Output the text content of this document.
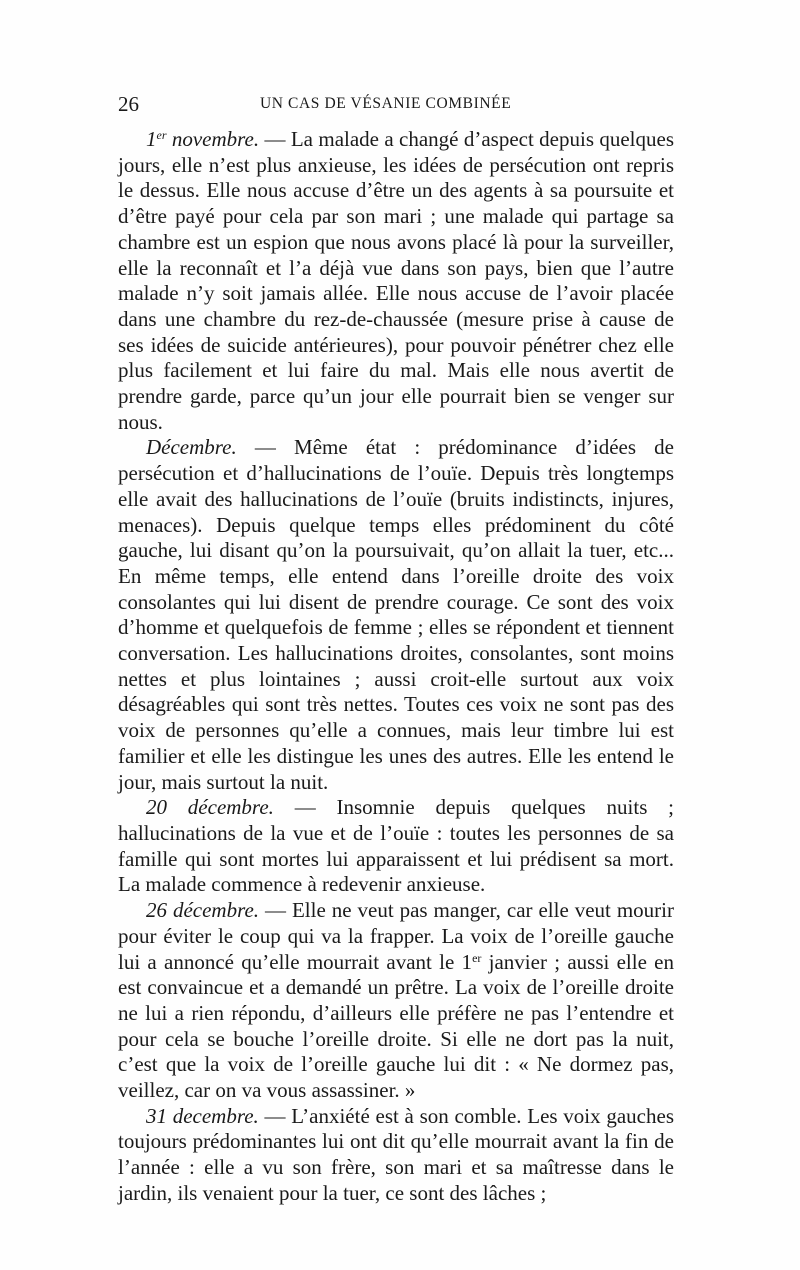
26	UN CAS DE VÉSANIE COMBINÉE

1er novembre. — La malade a changé d’aspect depuis quelques jours, elle n’est plus anxieuse, les idées de persécution ont repris le dessus. Elle nous accuse d’être un des agents à sa poursuite et d’être payé pour cela par son mari ; une malade qui partage sa chambre est un espion que nous avons placé là pour la surveiller, elle la reconnaît et l’a déjà vue dans son pays, bien que l’autre malade n’y soit jamais allée. Elle nous accuse de l’avoir placée dans une chambre du rez-de-chaussée (mesure prise à cause de ses idées de suicide antérieures), pour pouvoir pénétrer chez elle plus facilement et lui faire du mal. Mais elle nous avertit de prendre garde, parce qu’un jour elle pourrait bien se venger sur nous.

Décembre. — Même état : prédominance d’idées de persécution et d’hallucinations de l’ouïe. Depuis très longtemps elle avait des hallucinations de l’ouïe (bruits indistincts, injures, menaces). Depuis quelque temps elles prédominent du côté gauche, lui disant qu’on la poursuivait, qu’on allait la tuer, etc... En même temps, elle entend dans l’oreille droite des voix consolantes qui lui disent de prendre courage. Ce sont des voix d’homme et quelquefois de femme ; elles se répondent et tiennent conversation. Les hallucinations droites, consolantes, sont moins nettes et plus lointaines ; aussi croit-elle surtout aux voix désagréables qui sont très nettes. Toutes ces voix ne sont pas des voix de personnes qu’elle a connues, mais leur timbre lui est familier et elle les distingue les unes des autres. Elle les entend le jour, mais surtout la nuit.

20 décembre. — Insomnie depuis quelques nuits ; hallucinations de la vue et de l’ouïe : toutes les personnes de sa famille qui sont mortes lui apparaissent et lui prédisent sa mort. La malade commence à redevenir anxieuse.

26 décembre. — Elle ne veut pas manger, car elle veut mourir pour éviter le coup qui va la frapper. La voix de l’oreille gauche lui a annoncé qu’elle mourrait avant le 1er janvier ; aussi elle en est convaincue et a demandé un prêtre. La voix de l’oreille droite ne lui a rien répondu, d’ailleurs elle préfère ne pas l’entendre et pour cela se bouche l’oreille droite. Si elle ne dort pas la nuit, c’est que la voix de l’oreille gauche lui dit : « Ne dormez pas, veillez, car on va vous assassiner. »

31 decembre. — L’anxiété est à son comble. Les voix gauches toujours prédominantes lui ont dit qu’elle mourrait avant la fin de l’année : elle a vu son frère, son mari et sa maîtresse dans le jardin, ils venaient pour la tuer, ce sont des lâches ;
